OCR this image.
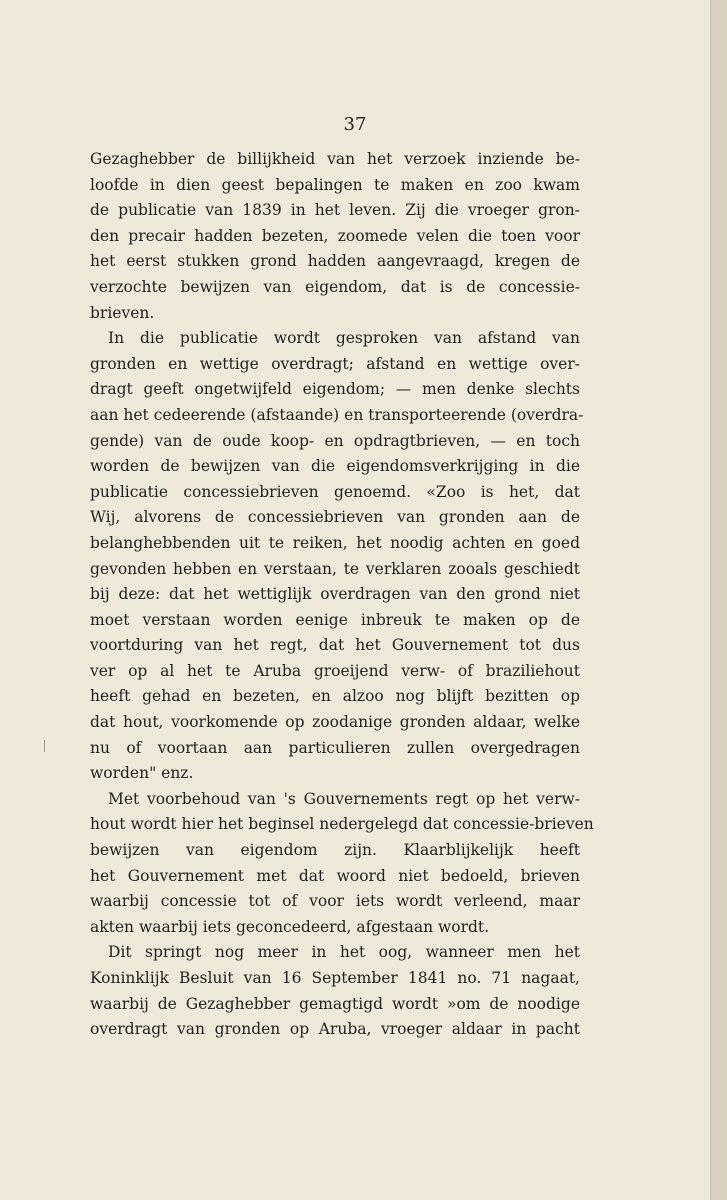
37
Gezaghebber de billijkheid van het verzoek inziende be-
loofde in dien geest bepalingen te maken en zoo kwam
de publicatie van 1839 in het leven. Zij die vroeger gron-
den precair hadden bezeten, zoomede velen die toen voor
het eerst stukken grond hadden aangevraagd, kregen de
verzochte bewijzen van eigendom, dat is de concessie-
brieven.
In die publicatie wordt gesproken van afstand van
gronden en wettige overdragt; afstand en wettige over-
dragt geeft ongetwijfeld eigendom; — men denke slechts
aan het cedeerende (afstaande) en transporteerende (overdra-
gende) van de oude koop- en opdragtbrieven, — en toch
worden de bewijzen van die eigendomsverkrijging in die
publicatie concessiebrieven genoemd. «Zoo is het, dat
Wij, alvorens de concessiebrieven van gronden aan de
belanghebbenden uit te reiken, het noodig achten en goed
gevonden hebben en verstaan, te verklaren zooals geschiedt
bij deze: dat het wettiglijk overdragen van den grond niet
moet verstaan worden eenige inbreuk te maken op de
voortduring van het regt, dat het Gouvernement tot dus
ver op al het te Aruba groeijend verw- of braziliehout
heeft gehad en bezeten, en alzoo nog blijft bezitten op
dat hout, voorkomende op zoodanige gronden aldaar, welke
nu of voortaan aan particulieren zullen overgedragen
worden" enz.
Met voorbehoud van 's Gouvernements regt op het verw-
hout wordt hier het beginsel nedergelegd dat concessie-brieven
bewijzen van eigendom zijn. Klaarblijkelijk heeft
het Gouvernement met dat woord niet bedoeld, brieven
waarbij concessie tot of voor iets wordt verleend, maar
akten waarbij iets geconcedeerd, afgestaan wordt.
Dit springt nog meer in het oog, wanneer men het
Koninklijk Besluit van 16 September 1841 no. 71 nagaat,
waarbij de Gezaghebber gemagtigd wordt »om de noodige
overdragt van gronden op Aruba, vroeger aldaar in pacht
